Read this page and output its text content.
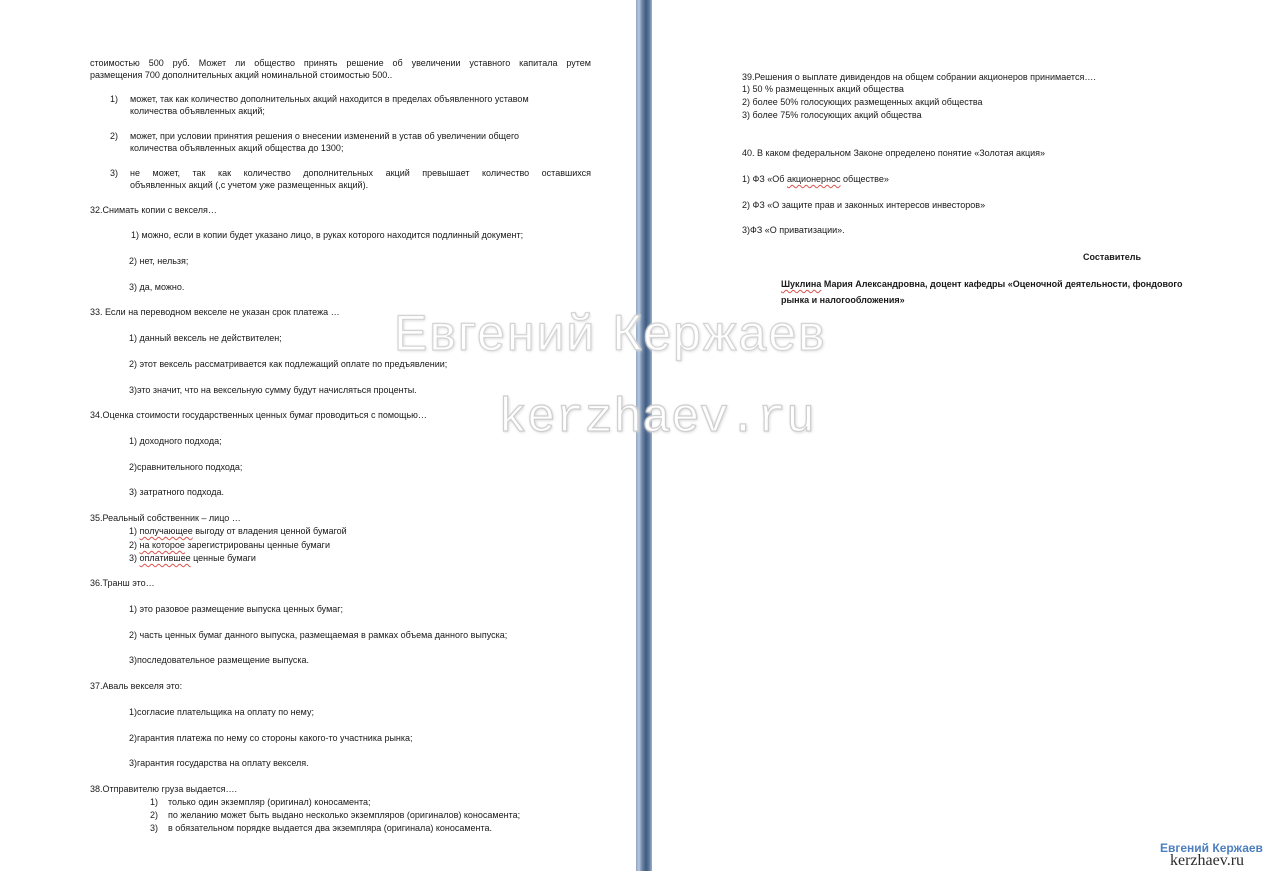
стоимостью 500 руб. Может ли общество принять решение об увеличении уставного капитала рутем
размещения 700 дополнительных акций номинальной стоимостью 500..
1) может, так как количество дополнительных акций находится в пределах объявленного уставом
количества объявленных акций;
2) может, при условии принятия решения о внесении изменений в устав об увеличении общего
количества объявленных акций общества до 1300;
3) не может, так как количество дополнительных акций превышает количество оставшихся
объявленных акций (,с учетом уже размещенных акций).
32.Снимать копии с векселя…
1) можно, если в копии будет указано лицо, в руках которого находится подлинный документ;
2) нет, нельзя;
3) да, можно.
33. Если на переводном векселе не указан срок платежа …
1) данный вексель не действителен;
2) этот вексель рассматривается как подлежащий оплате по предъявлении;
3)это значит, что на вексельную сумму будут начисляться проценты.
34.Оценка стоимости государственных ценных бумаг проводиться с помощью…
1) доходного подхода;
2)сравнительного подхода;
3) затратного подхода.
35.Реальный собственник – лицо …
1) получающее выгоду от владения ценной бумагой
2) на которое зарегистрированы ценные бумаги
3) оплатившее ценные бумаги
36.Транш это…
1) это разовое размещение выпуска ценных бумаг;
2) часть ценных бумаг данного выпуска, размещаемая в рамках объема данного выпуска;
3)последовательное размещение выпуска.
37.Аваль векселя это:
1)согласие плательщика на оплату по нему;
2)гарантия платежа по нему со стороны какого-то участника рынка;
3)гарантия государства на оплату векселя.
38.Отправителю груза выдается….
1) только один экземпляр (оригинал) коносамента;
2) по желанию может быть выдано несколько экземпляров (оригиналов) коносамента;
3) в обязательном порядке выдается два экземпляра (оригинала) коносамента.
39.Решения о выплате дивидендов на общем собрании акционеров принимается….
1) 50 % размещенных акций общества
2) более 50% голосующих размещенных акций общества
3) более 75% голосующих акций общества
40. В каком федеральном Законе определено понятие «Золотая акция»
1) ФЗ «Об акционернос обществе»
2) ФЗ «О защите прав и законных интересов инвесторов»
3)ФЗ «О приватизации».
Составитель
Шуклина Мария Александровна, доцент кафедры «Оценочной деятельности, фондового
рынка и налогообложения»
Евгений Кержаев
kerzhaev.ru
Евгений Кержаев
kerzhaev.ru
